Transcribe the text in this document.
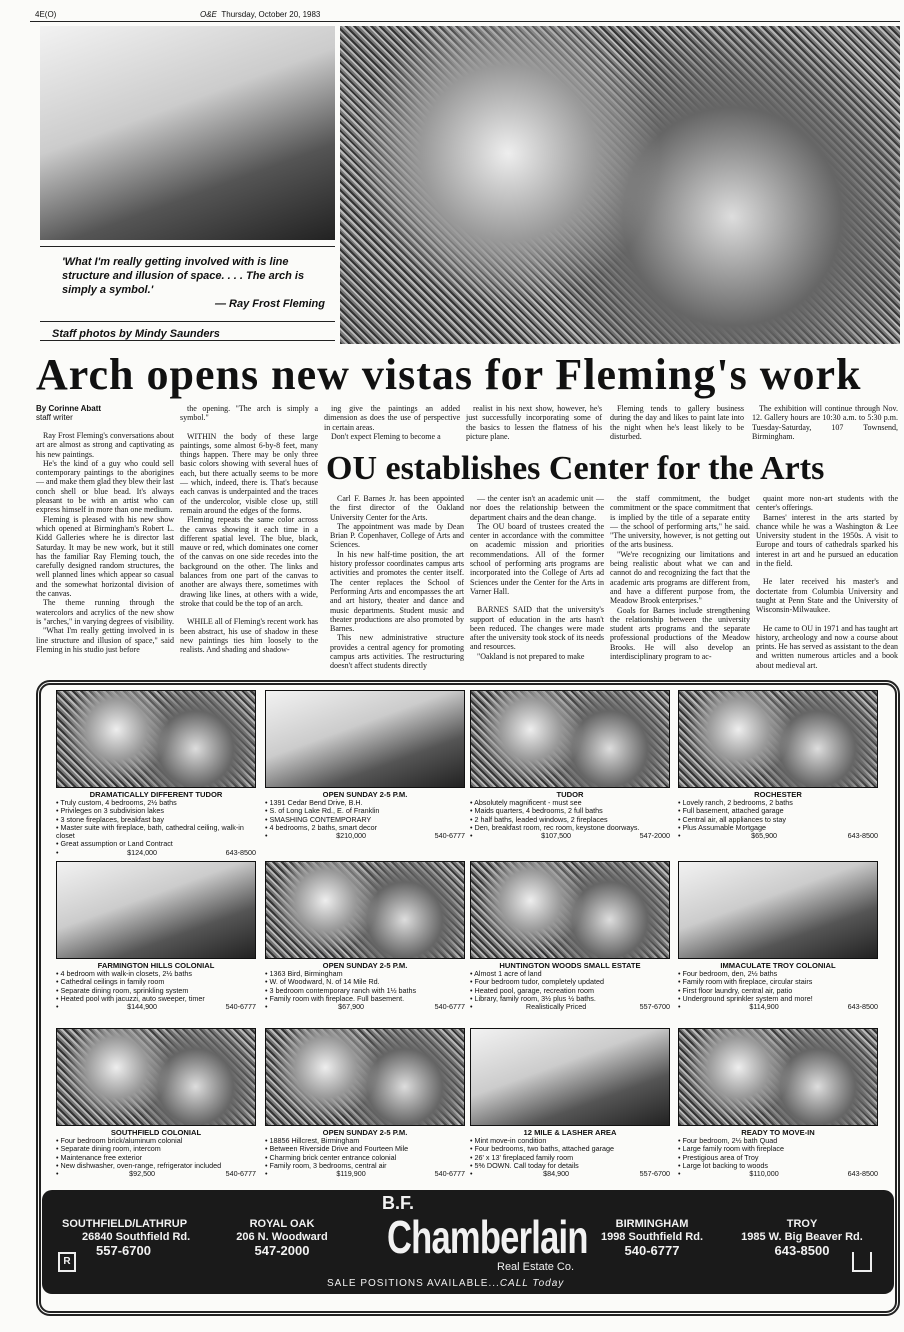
4E(O)	O&E Thursday, October 20, 1983
'What I'm really getting involved with is line structure and illusion of space. . . . The arch is simply a symbol.'
— Ray Frost Fleming
Staff photos by Mindy Saunders
Arch opens new vistas for Fleming's work
By Corinne Abatt
staff writer

Ray Frost Fleming's conversations about art are almost as strong and captivating as his new paintings.

He's the kind of a guy who could sell contemporary paintings to the aborigines — and make them glad they blew their last conch shell or blue bead. It's always pleasant to be with an artist who can express himself in more than one medium.

Fleming is pleased with his new show which opened at Birmingham's Robert L. Kidd Galleries where he is director last Saturday. It may be new work, but it still has the familiar Ray Fleming touch, the carefully designed random structures, the well planned lines which appear so casual and the somewhat horizontal division of the canvas.

The theme running through the watercolors and acrylics of the new show is "arches," in varying degrees of visibility.

"What I'm really getting involved in is line structure and illusion of space," said Fleming in his studio just before

the opening. "The arch is simply a symbol."

WITHIN the body of these large paintings, some almost 6-by-8 feet, many things happen. There may be only three basic colors showing with several hues of each, but there actually seems to be more — which, indeed, there is. That's because each canvas is underpainted and the traces of the undercolor, visible close up, still remain around the edges of the forms.

Fleming repeats the same color across the canvas showing it each time in a different spatial level. The blue, black, mauve or red, which dominates one corner of the canvas on one side recedes into the background on the other. The links and balances from one part of the canvas to another are always there, sometimes with drawing like lines, at others with a wide, stroke that could be the top of an arch.

WHILE all of Fleming's recent work has been abstract, his use of shadow in these new paintings ties him loosely to the realists. And shading and shadow-

ing give the paintings an added dimension as does the use of perspective in certain areas.

Don't expect Fleming to become a

realist in his next show, however, he's just successfully incorporating some of the basics to lessen the flatness of his picture plane.

Fleming tends to gallery business during the day and likes to paint late into the night when he's least likely to be disturbed.

The exhibition will continue through Nov. 12. Gallery hours are 10:30 a.m. to 5:30 p.m. Tuesday-Saturday, 107 Townsend, Birmingham.

OU establishes Center for the Arts

Carl F. Barnes Jr. has been appointed the first director of the Oakland University Center for the Arts.

The appointment was made by Dean Brian P. Copenhaver, College of Arts and Sciences.

In his new half-time position, the art history professor coordinates campus arts activities and promotes the center itself. The center replaces the School of Performing Arts and encompasses the art and art history, theater and dance and music departments. Student music and theater productions are also promoted by Barnes.

This new administrative structure provides a central agency for promoting campus arts activities. The restructuring doesn't affect students directly

— the center isn't an academic unit — nor does the relationship between the department chairs and the dean change.

The OU board of trustees created the center in accordance with the committee on academic mission and priorities recommendations. All of the former school of performing arts programs are incorporated into the College of Arts ad Sciences under the Center for the Arts in Varner Hall.

BARNES SAID that the university's support of education in the arts hasn't been reduced. The changes were made after the university took stock of its needs and resources.

"Oakland is not prepared to make

the staff commitment, the budget commitment or the space commitment that is implied by the title of a separate entity — the school of performing arts," he said. "The university, however, is not getting out of the arts business.

"We're recognizing our limitations and being realistic about what we can and cannot do and recognizing the fact that the academic arts programs are different from, and have a different purpose from, the Meadow Brook enterprises."

Goals for Barnes include strengthening the relationship between the university student arts programs and the separate professional productions of the Meadow Brooks. He will also develop an interdisciplinary program to ac-

quaint more non-art students with the center's offerings.

Barnes' interest in the arts started by chance while he was a Washington & Lee University student in the 1950s. A visit to Europe and tours of cathedrals sparked his interest in art and he pursued an education in the field.

He later received his master's and doctertate from Columbia University and taught at Penn State and the University of Wisconsin-Milwaukee.

He came to OU in 1971 and has taught art history, archeology and now a course about prints. He has served as assistant to the dean and written numerous articles and a book about medieval art.

DRAMATICALLY DIFFERENT TUDOR
• Truly custom, 4 bedrooms, 2½ baths
• Privileges on 3 subdivision lakes
• 3 stone fireplaces, breakfast bay
• Master suite with fireplace, bath, cathedral ceiling, walk-in closet
• Great assumption or Land Contract
• $124,000	643-8500
OPEN SUNDAY 2-5 P.M.
• 1391 Cedar Bend Drive, B.H.
• S. of Long Lake Rd., E. of Franklin
• SMASHING CONTEMPORARY
• 4 bedrooms, 2 baths, smart decor
• $210,000	540-6777
TUDOR
• Absolutely magnificent - must see
• Maids quarters, 4 bedrooms, 2 full baths
• 2 half baths, leaded windows, 2 fireplaces
• Den, breakfast room, rec room, keystone doorways.
• $107,500	547-2000
ROCHESTER
• Lovely ranch, 2 bedrooms, 2 baths
• Full basement, attached garage
• Central air, all appliances to stay
• Plus Assumable Mortgage
• $65,900	643-8500
FARMINGTON HILLS COLONIAL
• 4 bedroom with walk-in closets, 2½ baths
• Cathedral ceilings in family room
• Separate dining room, sprinkling system
• Heated pool with jacuzzi, auto sweeper, timer
• $144,900	540-6777
OPEN SUNDAY 2-5 P.M.
• 1363 Bird, Birmingham
• W. of Woodward, N. of 14 Mile Rd.
• 3 bedroom contemporary ranch with 1½ baths
• Family room with fireplace. Full basement.
• $67,900	540-6777
HUNTINGTON WOODS SMALL ESTATE
• Almost 1 acre of land
• Four bedroom tudor, completely updated
• Heated pool, garage, recreation room
• Library, family room, 3½ plus ½ baths.
• Realistically Priced	557-6700
IMMACULATE TROY COLONIAL
• Four bedroom, den, 2½ baths
• Family room with fireplace, circular stairs
• First floor laundry, central air, patio
• Underground sprinkler system and more!
• $114,900	643-8500
SOUTHFIELD COLONIAL
• Four bedroom brick/aluminum colonial
• Separate dining room, intercom
• Maintenance free exterior
• New dishwasher, oven-range, refrigerator included
• $92,500	540-6777
OPEN SUNDAY 2-5 P.M.
• 18856 Hillcrest, Birmingham
• Between Riverside Drive and Fourteen Mile
• Charming brick center entrance colonial
• Family room, 3 bedrooms, central air
• $119,900	540-6777
12 MILE & LASHER AREA
• Mint move-in condition
• Four bedrooms, two baths, attached garage
• 26' x 13' fireplaced family room
• 5% DOWN. Call today for details
• $84,900	557-6700
READY TO MOVE-IN
• Four bedroom, 2½ bath Quad
• Large family room with fireplace
• Prestigious area of Troy
• Large lot backing to woods
• $110,000	643-8500
SOUTHFIELD/LATHRUP
26840 Southfield Rd.
557-6700
R
ROYAL OAK
206 N. Woodward
547-2000
B.F.
Chamberlain
Real Estate Co.
SALE POSITIONS AVAILABLE...CALL Today
BIRMINGHAM
1998 Southfield Rd.
540-6777
TROY
1985 W. Big Beaver Rd.
643-8500
